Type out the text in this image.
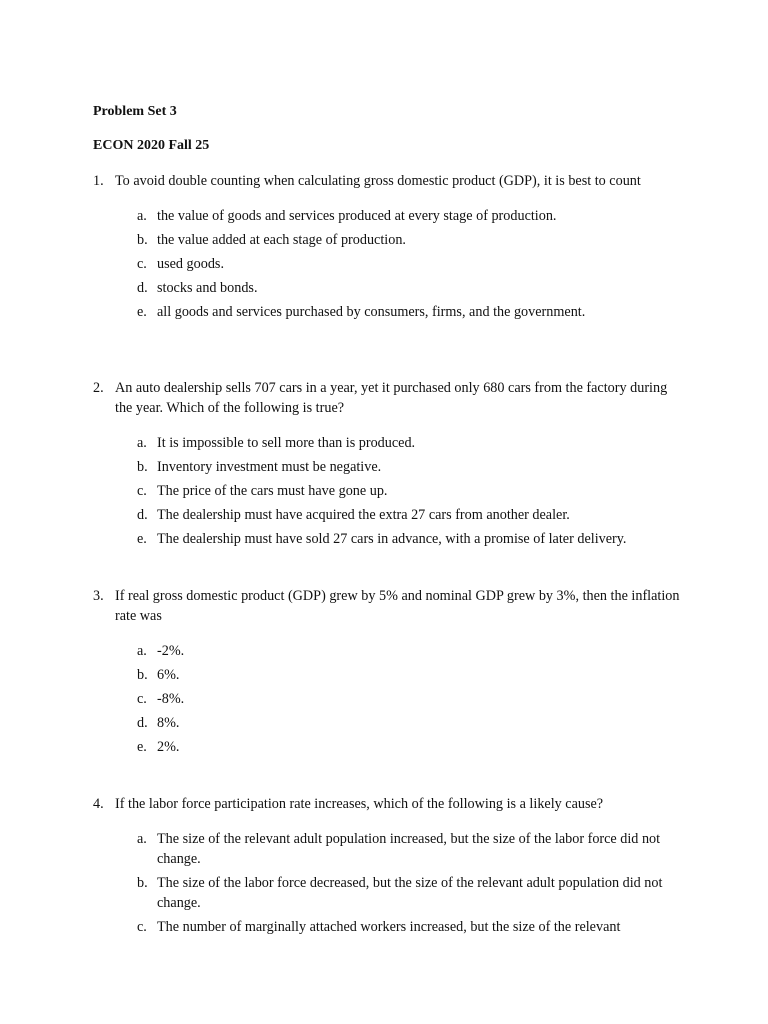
Problem Set 3
ECON 2020 Fall 25
1. To avoid double counting when calculating gross domestic product (GDP), it is best to count
a. the value of goods and services produced at every stage of production.
b. the value added at each stage of production.
c. used goods.
d. stocks and bonds.
e. all goods and services purchased by consumers, firms, and the government.
2. An auto dealership sells 707 cars in a year, yet it purchased only 680 cars from the factory during the year. Which of the following is true?
a. It is impossible to sell more than is produced.
b. Inventory investment must be negative.
c. The price of the cars must have gone up.
d. The dealership must have acquired the extra 27 cars from another dealer.
e. The dealership must have sold 27 cars in advance, with a promise of later delivery.
3. If real gross domestic product (GDP) grew by 5% and nominal GDP grew by 3%, then the inflation rate was
a. -2%.
b. 6%.
c. -8%.
d. 8%.
e. 2%.
4. If the labor force participation rate increases, which of the following is a likely cause?
a. The size of the relevant adult population increased, but the size of the labor force did not change.
b. The size of the labor force decreased, but the size of the relevant adult population did not change.
c. The number of marginally attached workers increased, but the size of the relevant
